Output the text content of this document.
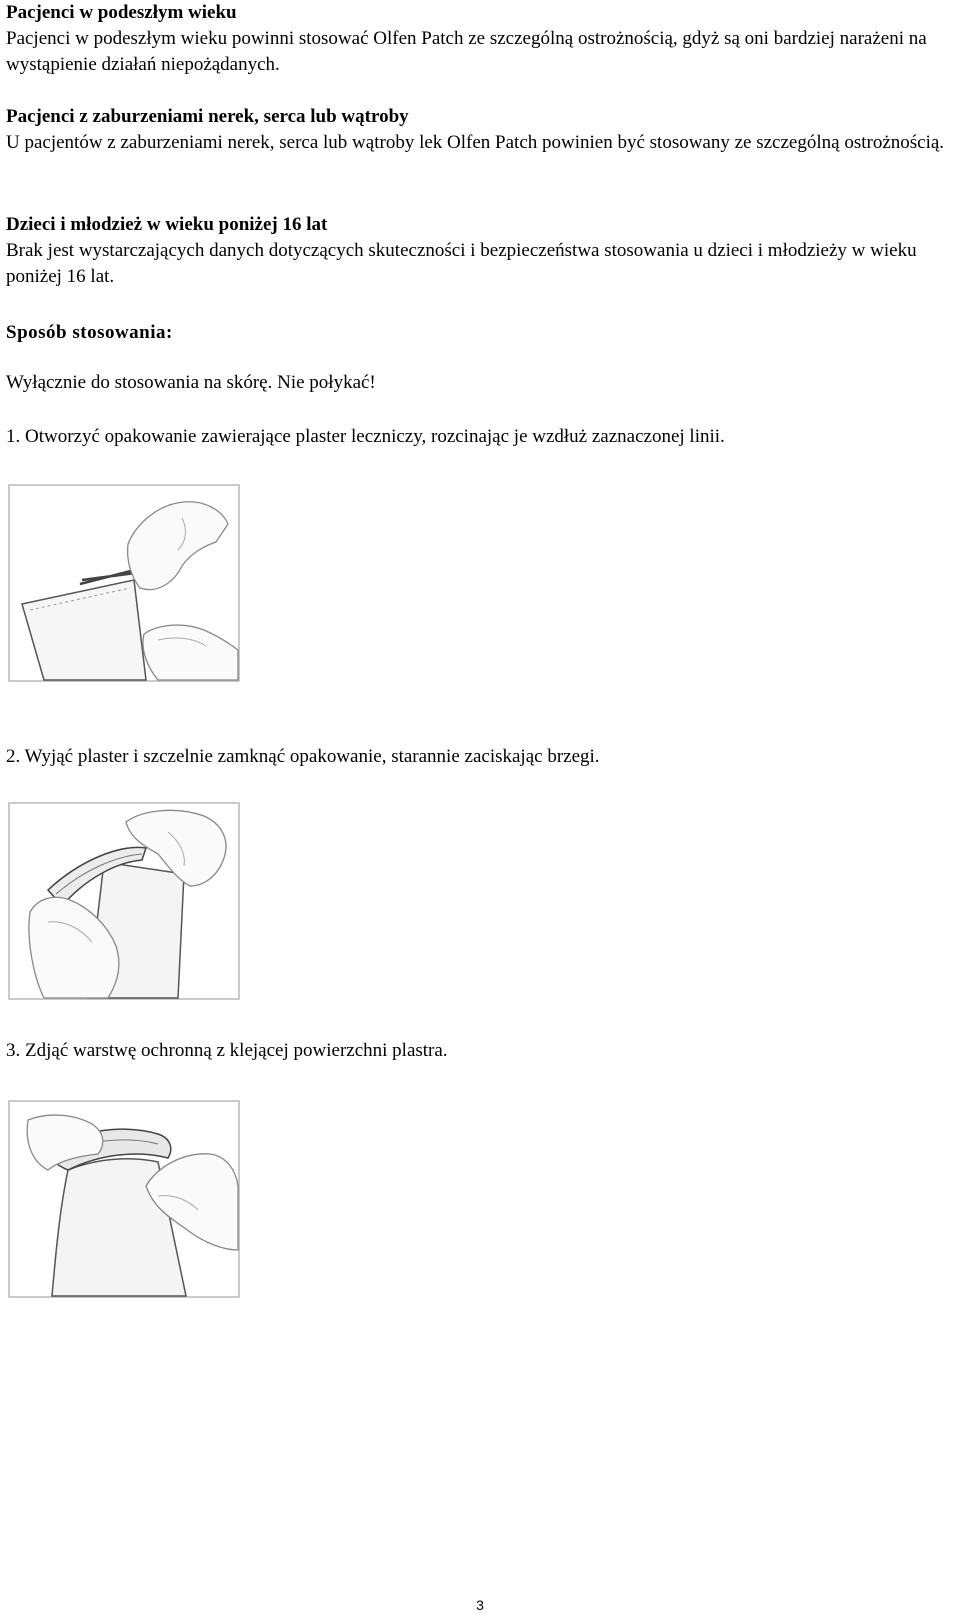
Pacjenci w podeszłym wieku
Pacjenci w podeszłym wieku powinni stosować Olfen Patch ze szczególną ostrożnością, gdyż są oni bardziej narażeni na wystąpienie działań niepożądanych.
Pacjenci z zaburzeniami nerek, serca lub wątroby
U pacjentów z zaburzeniami nerek, serca lub wątroby lek Olfen Patch powinien być stosowany ze szczególną ostrożnością.
Dzieci i młodzież w wieku poniżej 16 lat
Brak jest wystarczających danych dotyczących skuteczności i bezpieczeństwa stosowania u dzieci i młodzieży w wieku poniżej 16 lat.
Sposób stosowania:
Wyłącznie do stosowania na skórę. Nie połykać!
1. Otworzyć opakowanie zawierające plaster leczniczy, rozcinając je wzdłuż zaznaczonej linii.
2. Wyjąć plaster i szczelnie zamknąć opakowanie, starannie zaciskając brzegi.
3. Zdjąć warstwę ochronną z klejącej powierzchni plastra.
3
